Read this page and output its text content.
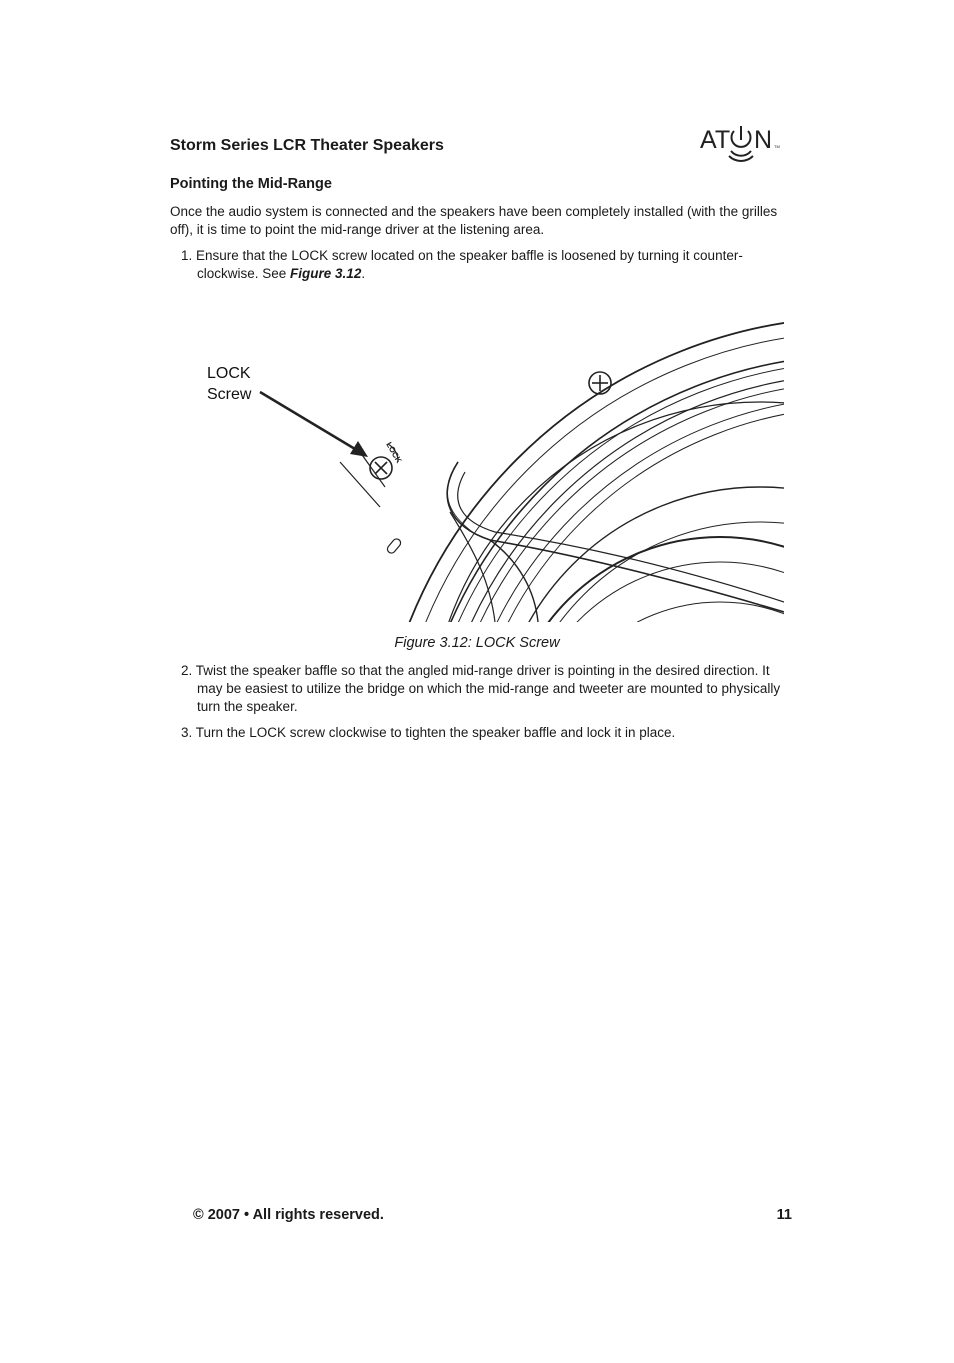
Storm Series LCR Theater Speakers	AT N TM
Pointing the Mid-Range
Once the audio system is connected and the speakers have been completely installed (with the grilles off), it is time to point the mid-range driver at the listening area.
1. Ensure that the LOCK screw located on the speaker baffle is loosened by turning it counter-clockwise. See Figure 3.12.
LOCK
LOCK
Screw
Figure 3.12: LOCK Screw
2. Twist the speaker baffle so that the angled mid-range driver is pointing in the desired direction. It may be easiest to utilize the bridge on which the mid-range and tweeter are mounted to physically turn the speaker.
3. Turn the LOCK screw clockwise to tighten the speaker baffle and lock it in place.
© 2007 • All rights reserved.	11
